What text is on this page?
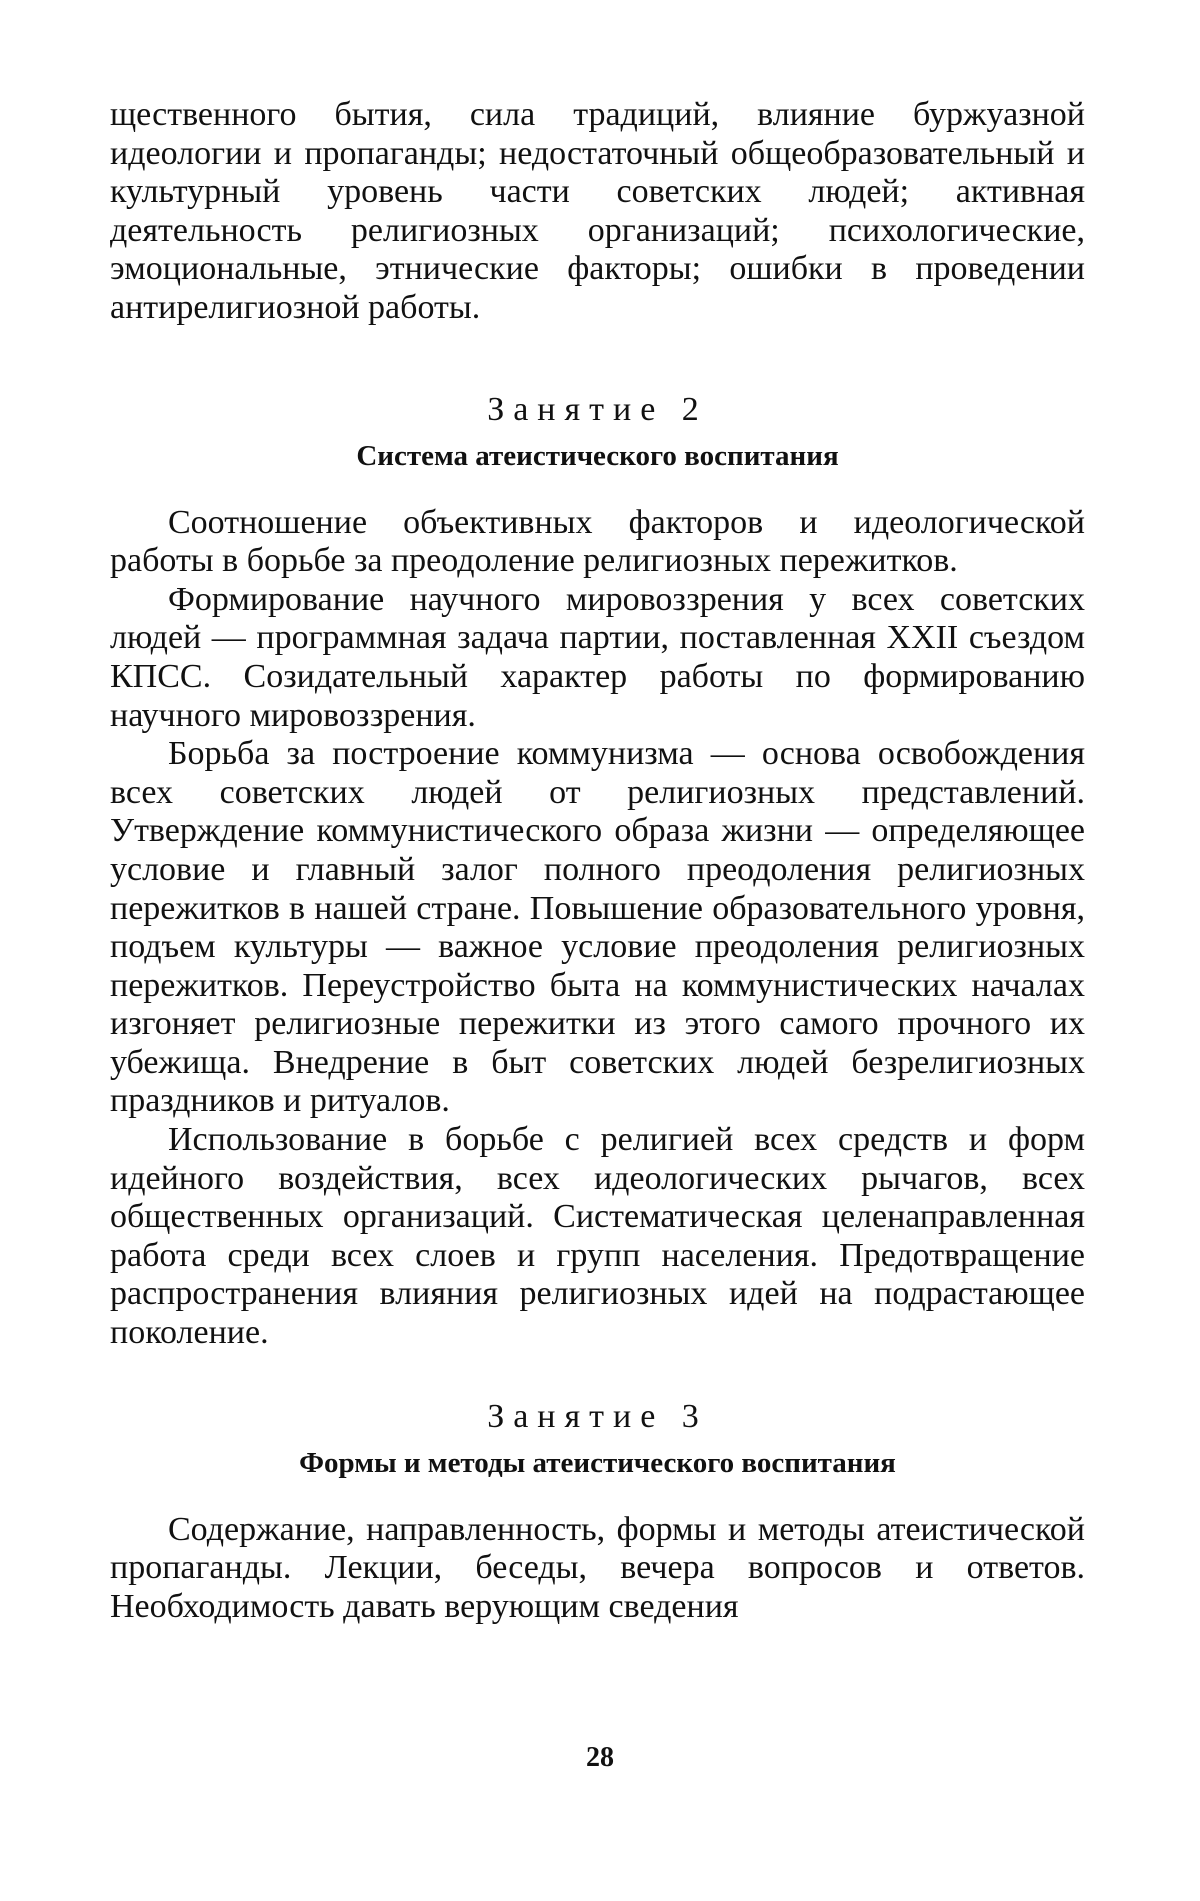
щественного бытия, сила традиций, влияние буржуазной идеологии и пропаганды; недостаточный общеобразовательный и культурный уровень части советских людей; активная деятельность религиозных организаций; психологические, эмоциональные, этнические факторы; ошибки в проведении антирелигиозной работы.

Занятие 2
Система атеистического воспитания

Соотношение объективных факторов и идеологической работы в борьбе за преодоление религиозных пережитков.

Формирование научного мировоззрения у всех советских людей — программная задача партии, поставленная XXII съездом КПСС. Созидательный характер работы по формированию научного мировоззрения.

Борьба за построение коммунизма — основа освобождения всех советских людей от религиозных представлений. Утверждение коммунистического образа жизни — определяющее условие и главный залог полного преодоления религиозных пережитков в нашей стране. Повышение образовательного уровня, подъем культуры — важное условие преодоления религиозных пережитков. Переустройство быта на коммунистических началах изгоняет религиозные пережитки из этого самого прочного их убежища. Внедрение в быт советских людей безрелигиозных праздников и ритуалов.

Использование в борьбе с религией всех средств и форм идейного воздействия, всех идеологических рычагов, всех общественных организаций. Систематическая целенаправленная работа среди всех слоев и групп населения. Предотвращение распространения влияния религиозных идей на подрастающее поколение.

Занятие 3
Формы и методы атеистического воспитания

Содержание, направленность, формы и методы атеистической пропаганды. Лекции, беседы, вечера вопросов и ответов. Необходимость давать верующим сведения

28
